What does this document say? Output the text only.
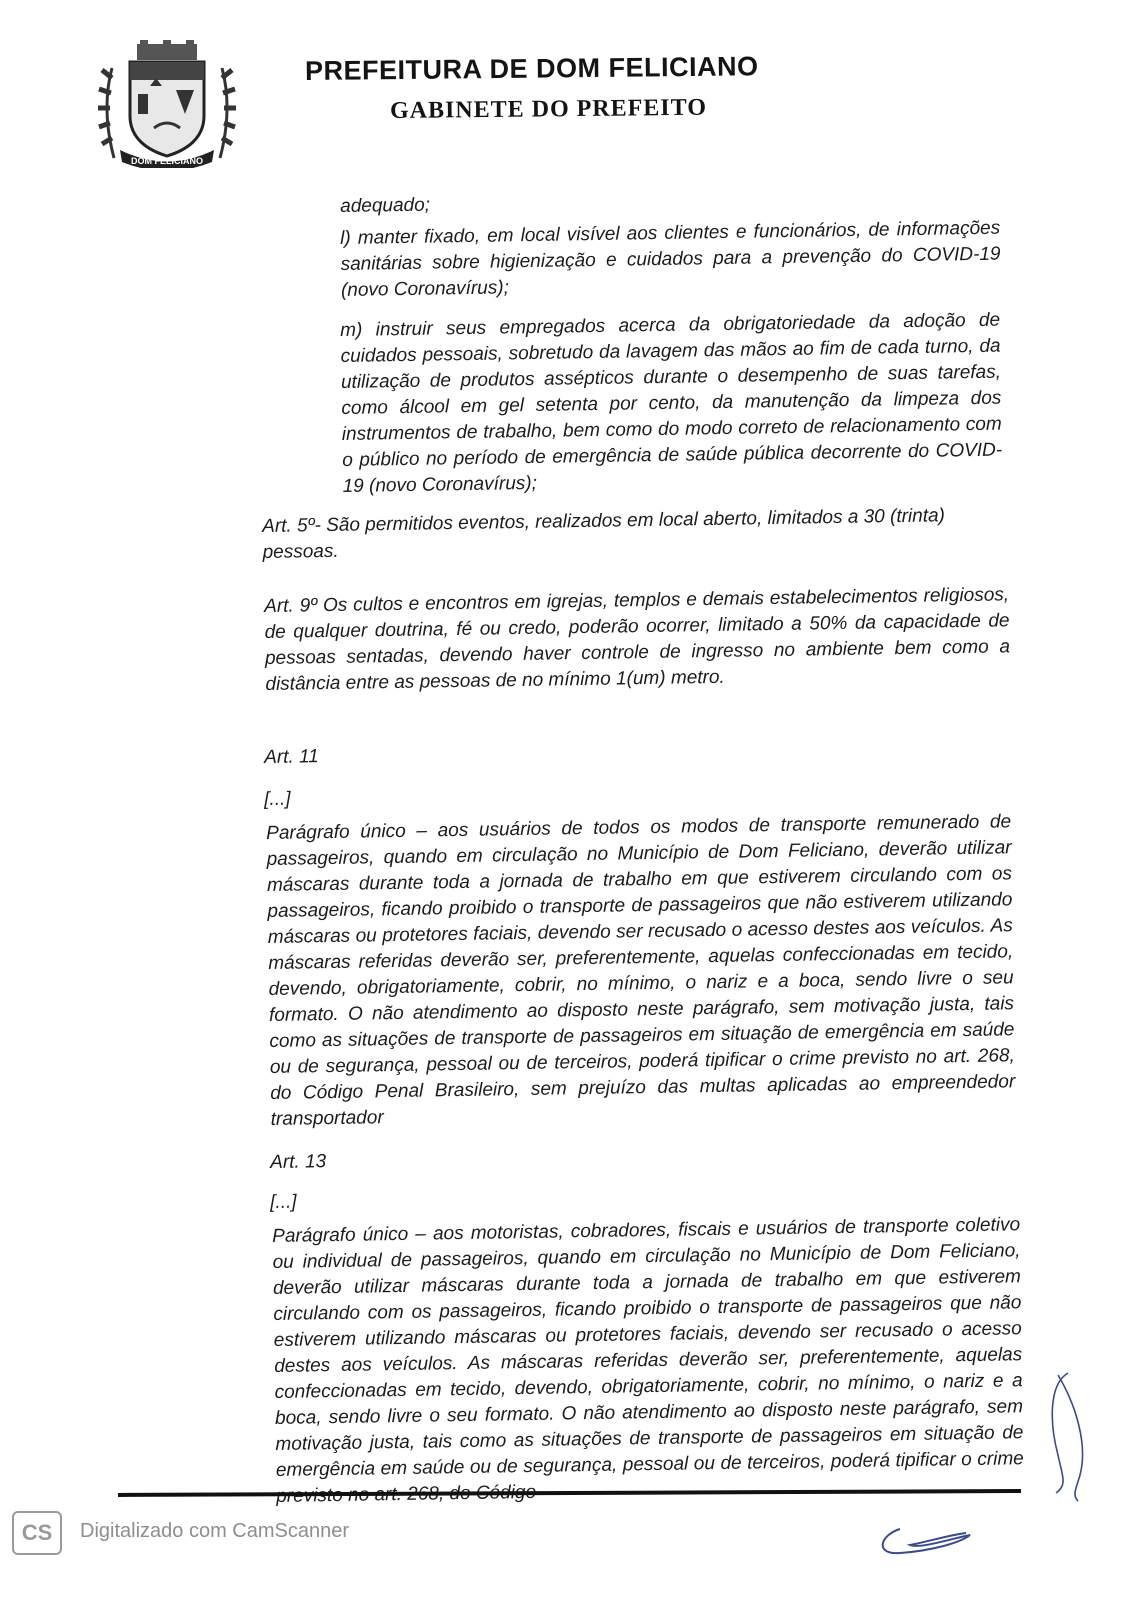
DOM FELICIANO
PREFEITURA DE DOM FELICIANO
GABINETE DO PREFEITO
adequado;
l) manter fixado, em local visível aos clientes e funcionários, de informações sanitárias sobre higienização e cuidados para a prevenção do COVID-19 (novo Coronavírus);
m) instruir seus empregados acerca da obrigatoriedade da adoção de cuidados pessoais, sobretudo da lavagem das mãos ao fim de cada turno, da utilização de produtos assépticos durante o desempenho de suas tarefas, como álcool em gel setenta por cento, da manutenção da limpeza dos instrumentos de trabalho, bem como do modo correto de relacionamento com o público no período de emergência de saúde pública decorrente do COVID-19 (novo Coronavírus);
Art. 5º- São permitidos eventos, realizados em local aberto, limitados a 30 (trinta) pessoas.
Art. 9º Os cultos e encontros em igrejas, templos e demais estabelecimentos religiosos, de qualquer doutrina, fé ou credo, poderão ocorrer, limitado a 50% da capacidade de pessoas sentadas, devendo haver controle de ingresso no ambiente bem como a distância entre as pessoas de no mínimo 1(um) metro.
Art. 11
[...]
Parágrafo único – aos usuários de todos os modos de transporte remunerado de passageiros, quando em circulação no Município de Dom Feliciano, deverão utilizar máscaras durante toda a jornada de trabalho em que estiverem circulando com os passageiros, ficando proibido o transporte de passageiros que não estiverem utilizando máscaras ou protetores faciais, devendo ser recusado o acesso destes aos veículos. As máscaras referidas deverão ser, preferentemente, aquelas confeccionadas em tecido, devendo, obrigatoriamente, cobrir, no mínimo, o nariz e a boca, sendo livre o seu formato. O não atendimento ao disposto neste parágrafo, sem motivação justa, tais como as situações de transporte de passageiros em situação de emergência em saúde ou de segurança, pessoal ou de terceiros, poderá tipificar o crime previsto no art. 268, do Código Penal Brasileiro, sem prejuízo das multas aplicadas ao empreendedor transportador
Art. 13
[...]
Parágrafo único – aos motoristas, cobradores, fiscais e usuários de transporte coletivo ou individual de passageiros, quando em circulação no Município de Dom Feliciano, deverão utilizar máscaras durante toda a jornada de trabalho em que estiverem circulando com os passageiros, ficando proibido o transporte de passageiros que não estiverem utilizando máscaras ou protetores faciais, devendo ser recusado o acesso destes aos veículos. As máscaras referidas deverão ser, preferentemente, aquelas confeccionadas em tecido, devendo, obrigatoriamente, cobrir, no mínimo, o nariz e a boca, sendo livre o seu formato. O não atendimento ao disposto neste parágrafo, sem motivação justa, tais como as situações de transporte de passageiros em situação de emergência em saúde ou de segurança, pessoal ou de terceiros, poderá tipificar o crime
CS	Digitalizado com CamScanner
